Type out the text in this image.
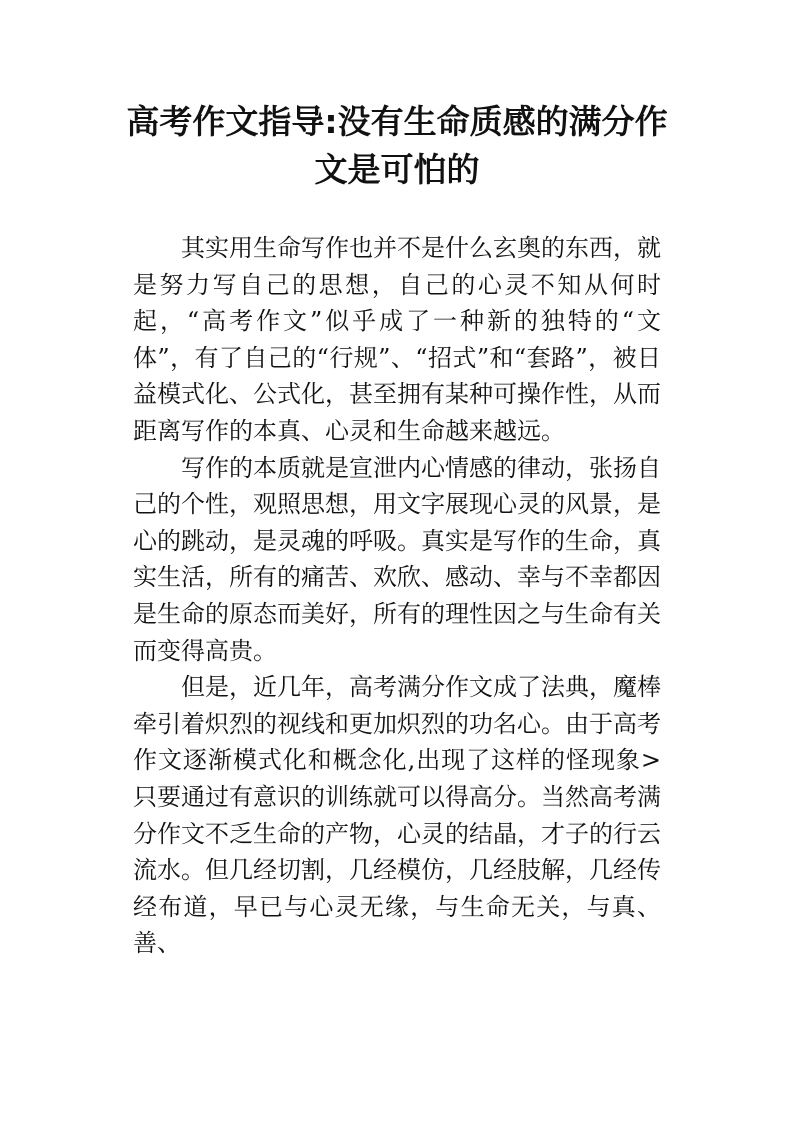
高考作文指导:没有生命质感的满分作文是可怕的

其实用生命写作也并不是什么玄奥的东西，就是努力写自己的思想，自己的心灵不知从何时起，“高考作文”似乎成了一种新的独特的“文体”，有了自己的“行规”、“招式”和“套路”，被日益模式化、公式化，甚至拥有某种可操作性，从而距离写作的本真、心灵和生命越来越远。

写作的本质就是宣泄内心情感的律动，张扬自己的个性，观照思想，用文字展现心灵的风景，是心的跳动，是灵魂的呼吸。真实是写作的生命，真实生活，所有的痛苦、欢欣、感动、幸与不幸都因是生命的原态而美好，所有的理性因之与生命有关而变得高贵。

但是，近几年，高考满分作文成了法典，魔棒牵引着炽烈的视线和更加炽烈的功名心。由于高考作文逐渐模式化和概念化,出现了这样的怪现象>只要通过有意识的训练就可以得高分。当然高考满分作文不乏生命的产物，心灵的结晶，才子的行云流水。但几经切割，几经模仿，几经肢解，几经传经布道，早已与心灵无缘，与生命无关，与真、善、
